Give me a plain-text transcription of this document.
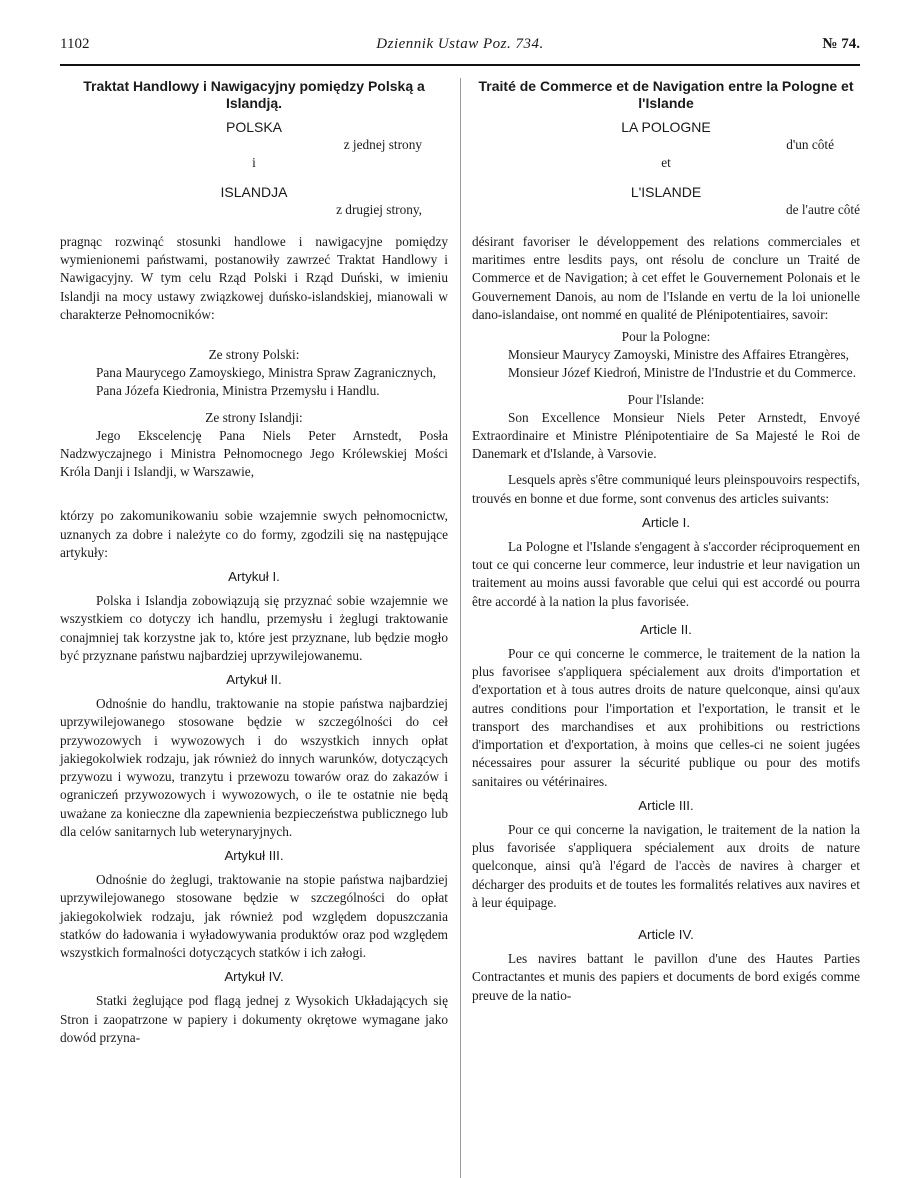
1102	Dziennik Ustaw Poz. 734.	№ 74.
Traktat Handlowy i Nawigacyjny pomiędzy Polską a Islandją.
POLSKA
z jednej strony
i
ISLANDJA
z drugiej strony,

pragnąc rozwinąć stosunki handlowe i nawigacyjne pomiędzy wymienionemi państwami, postanowiły zawrzeć Traktat Handlowy i Nawigacyjny. W tym celu Rząd Polski i Rząd Duński, w imieniu Islandji na mocy ustawy związkowej duńsko-islandskiej, mianowali w charakterze Pełnomocników:

Ze strony Polski:

Pana Maurycego Zamoyskiego, Ministra Spraw Zagranicznych,

Pana Józefa Kiedronia, Ministra Przemysłu i Handlu.

Ze strony Islandji:

Jego Ekscelencję Pana Niels Peter Arnstedt, Posła Nadzwyczajnego i Ministra Pełnomocnego Jego Królewskiej Mości Króla Danji i Islandji, w Warszawie,

którzy po zakomunikowaniu sobie wzajemnie swych pełnomocnictw, uznanych za dobre i należyte co do formy, zgodzili się na następujące artykuły:

Artykuł I.

Polska i Islandja zobowiązują się przyznać sobie wzajemnie we wszystkiem co dotyczy ich handlu, przemysłu i żeglugi traktowanie conajmniej tak korzystne jak to, które jest przyznane, lub będzie mogło być przyznane państwu najbardziej uprzywilejowanemu.

Artykuł II.

Odnośnie do handlu, traktowanie na stopie państwa najbardziej uprzywilejowanego stosowane będzie w szczególności do ceł przywozowych i wywozowych i do wszystkich innych opłat jakiegokolwiek rodzaju, jak również do innych warunków, dotyczących przywozu i wywozu, tranzytu i przewozu towarów oraz do zakazów i ograniczeń przywozowych i wywozowych, o ile te ostatnie nie będą uważane za konieczne dla zapewnienia bezpieczeństwa publicznego lub dla celów sanitarnych lub weterynaryjnych.

Artykuł III.

Odnośnie do żeglugi, traktowanie na stopie państwa najbardziej uprzywilejowanego stosowane będzie w szczególności do opłat jakiegokolwiek rodzaju, jak również pod względem dopuszczania statków do ładowania i wyładowywania produktów oraz pod względem wszystkich formalności dotyczących statków i ich załogi.

Artykuł IV.

Statki żeglujące pod flagą jednej z Wysokich Układających się Stron i zaopatrzone w papiery i dokumenty okrętowe wymagane jako dowód przyna-

Traité de Commerce et de Navigation entre la Pologne et l'Islande
LA POLOGNE
d'un côté
et
L'ISLANDE
de l'autre côté

désirant favoriser le développement des relations commerciales et maritimes entre lesdits pays, ont résolu de conclure un Traité de Commerce et de Navigation; à cet effet le Gouvernement Polonais et le Gouvernement Danois, au nom de l'Islande en vertu de la loi unionelle dano-islandaise, ont nommé en qualité de Plénipotentiaires, savoir:

Pour la Pologne:

Monsieur Maurycy Zamoyski, Ministre des Affaires Etrangères,

Monsieur Józef Kiedroń, Ministre de l'Industrie et du Commerce.

Pour l'Islande:

Son Excellence Monsieur Niels Peter Arnstedt, Envoyé Extraordinaire et Ministre Plénipotentiaire de Sa Majesté le Roi de Danemark et d'Islande, à Varsovie.

Lesquels après s'être communiqué leurs pleinspouvoirs respectifs, trouvés en bonne et due forme, sont convenus des articles suivants:

Article I.

La Pologne et l'Islande s'engagent à s'accorder réciproquement en tout ce qui concerne leur commerce, leur industrie et leur navigation un traitement au moins aussi favorable que celui qui est accordé ou pourra être accordé à la nation la plus favorisée.

Article II.

Pour ce qui concerne le commerce, le traitement de la nation la plus favorisee s'appliquera spécialement aux droits d'importation et d'exportation et à tous autres droits de nature quelconque, ainsi qu'aux autres conditions pour l'importation et l'exportation, le transit et le transport des marchandises et aux prohibitions ou restrictions d'importation et d'exportation, à moins que celles-ci ne soient jugées nécessaires pour assurer la sécurité publique ou pour des motifs sanitaires ou vétérinaires.

Article III.

Pour ce qui concerne la navigation, le traitement de la nation la plus favorisée s'appliquera spécialement aux droits de nature quelconque, ainsi qu'à l'égard de l'accès de navires à charger et décharger des produits et de toutes les formalités relatives aux navires et à leur équipage.

Article IV.

Les navires battant le pavillon d'une des Hautes Parties Contractantes et munis des papiers et documents de bord exigés comme preuve de la natio-
